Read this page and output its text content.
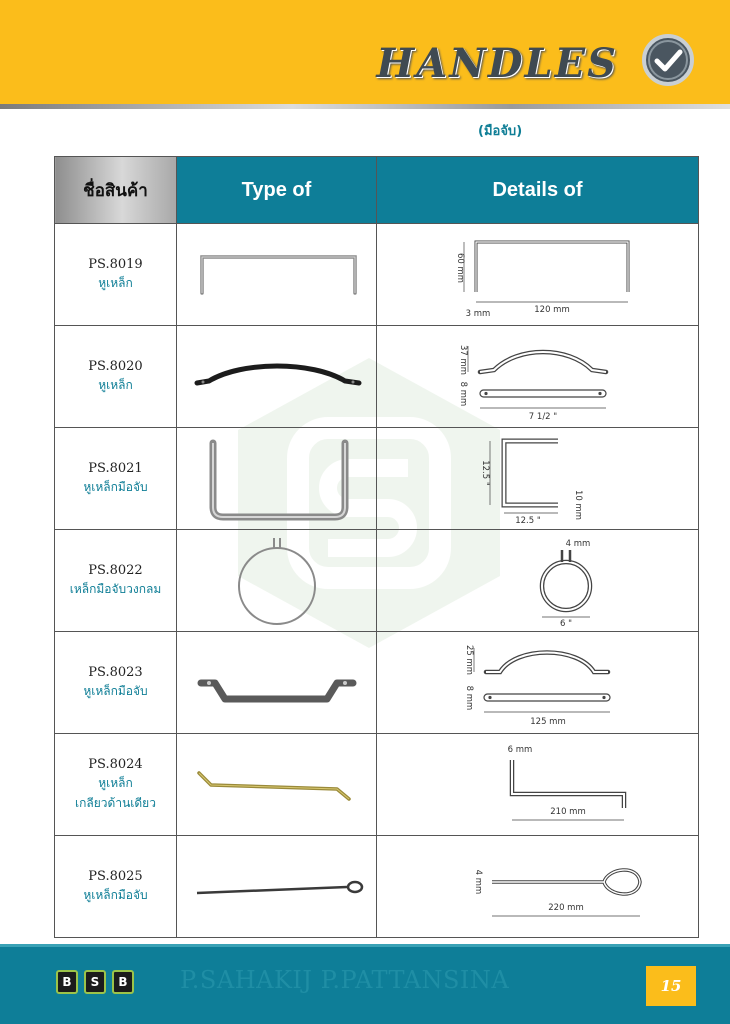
HANDLES
(มือจับ)
ชื่อสินค้า	Type of	Details of

PS.8019
หูเหล็ก		60 mm
3 mm 120 mm

PS.8020
หูเหล็ก		37 mm
8 mm
7 1/2 "

PS.8021
หูเหล็กมือจับ		12.5 "
12.5 "
10 mm

PS.8022
เหล็กมือจับวงกลม		4 mm
6 "

PS.8023
หูเหล็กมือจับ		25 mm
8 mm
125 mm

PS.8024
หูเหล็ก
เกลียวด้านเดียว		6 mm
210 mm

PS.8025
หูเหล็กมือจับ		4 mm
220 mm
B	S	B P.SAHAKIJ P.PATTANSINA	15
